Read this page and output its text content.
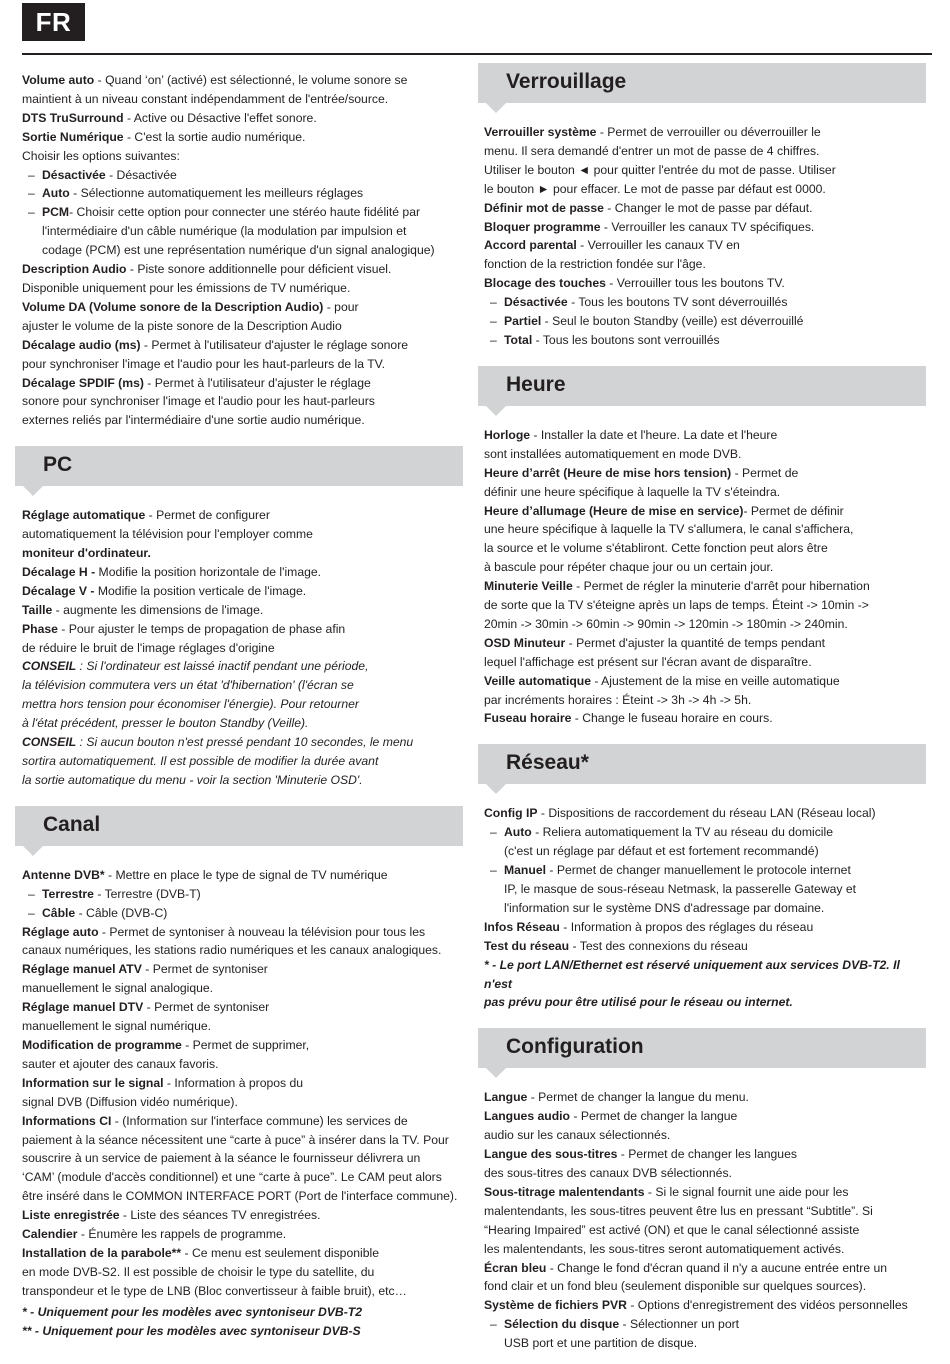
FR

Volume auto - Quand ‘on’ (activé) est sélectionné, le volume sonore se

maintient à un niveau constant indépendamment de l'entrée/source.

DTS TruSurround - Active ou Désactive l'effet sonore.

Sortie Numérique - C'est la sortie audio numérique.

Choisir les options suivantes:

– Désactivée - Désactivée

– Auto - Sélectionne automatiquement les meilleurs réglages

– PCM- Choisir cette option pour connecter une stéréo haute fidélité par

l'intermédiaire d'un câble numérique (la modulation par impulsion et

codage (PCM) est une représentation numérique d'un signal analogique)

Description Audio - Piste sonore additionnelle pour déficient visuel.

Disponible uniquement pour les émissions de TV numérique.

Volume DA (Volume sonore de la Description Audio) - pour

ajuster le volume de la piste sonore de la Description Audio

Décalage audio (ms) - Permet à l'utilisateur d'ajuster le réglage sonore

pour synchroniser l'image et l'audio pour les haut-parleurs de la TV.

Décalage SPDIF (ms) - Permet à l'utilisateur d'ajuster le réglage

sonore pour synchroniser l'image et l'audio pour les haut-parleurs

externes reliés par l'intermédiaire d'une sortie audio numérique.

PC

Réglage automatique - Permet de configurer

automatiquement la télévision pour l'employer comme

moniteur d'ordinateur.

Décalage H - Modifie la position horizontale de l'image.

Décalage V - Modifie la position verticale de l'image.

Taille - augmente les dimensions de l'image.

Phase - Pour ajuster le temps de propagation de phase afin

de réduire le bruit de l'image réglages d'origine

CONSEIL : Si l'ordinateur est laissé inactif pendant une période,

la télévision commutera vers un état 'd'hibernation' (l'écran se

mettra hors tension pour économiser l'énergie). Pour retourner

à l'état précédent, presser le bouton Standby (Veille).

CONSEIL : Si aucun bouton n'est pressé pendant 10 secondes, le menu

sortira automatiquement. Il est possible de modifier la durée avant

la sortie automatique du menu - voir la section 'Minuterie OSD'.

Canal

Antenne DVB* - Mettre en place le type de signal de TV numérique

– Terrestre - Terrestre (DVB-T)

– Câble - Câble (DVB-C)

Réglage auto - Permet de syntoniser à nouveau la télévision pour tous les

canaux numériques, les stations radio numériques et les canaux analogiques.

Réglage manuel ATV - Permet de syntoniser

manuellement le signal analogique.

Réglage manuel DTV - Permet de syntoniser

manuellement le signal numérique.

Modification de programme - Permet de supprimer,

sauter et ajouter des canaux favoris.

Information sur le signal - Information à propos du

signal DVB (Diffusion vidéo numérique).

Informations CI - (Information sur l'interface commune) les services de

paiement à la séance nécessitent une “carte à puce” à insérer dans la TV. Pour

souscrire à un service de paiement à la séance le fournisseur délivrera un

‘CAM’ (module d'accès conditionnel) et une “carte à puce”. Le CAM peut alors

être inséré dans le COMMON INTERFACE PORT (Port de l'interface commune).

Liste enregistrée - Liste des séances TV enregistrées.

Calendier - Énumère les rappels de programme.

Installation de la parabole** - Ce menu est seulement disponible

en mode DVB-S2. Il est possible de choisir le type du satellite, du

transpondeur et le type de LNB (Bloc convertisseur à faible bruit), etc…

* - Uniquement pour les modèles avec syntoniseur DVB-T2

** - Uniquement pour les modèles avec syntoniseur DVB-S

Verrouillage

Verrouiller système - Permet de verrouiller ou déverrouiller le

menu. Il sera demandé d'entrer un mot de passe de 4 chiffres.

Utiliser le bouton ◄ pour quitter l'entrée du mot de passe. Utiliser

le bouton ► pour effacer. Le mot de passe par défaut est 0000.

Définir mot de passe - Changer le mot de passe par défaut.

Bloquer programme - Verrouiller les canaux TV spécifiques.

Accord parental - Verrouiller les canaux TV en

fonction de la restriction fondée sur l'âge.

Blocage des touches - Verrouiller tous les boutons TV.

– Désactivée - Tous les boutons TV sont déverrouillés

– Partiel - Seul le bouton Standby (veille) est déverrouillé

– Total - Tous les boutons sont verrouillés

Heure

Horloge - Installer la date et l'heure. La date et l'heure

sont installées automatiquement en mode DVB.

Heure d’arrêt (Heure de mise hors tension) - Permet de

définir une heure spécifique à laquelle la TV s'éteindra.

Heure d’allumage (Heure de mise en service)- Permet de définir

une heure spécifique à laquelle la TV s'allumera, le canal s'affichera,

la source et le volume s'établiront. Cette fonction peut alors être

à bascule pour répéter chaque jour ou un certain jour.

Minuterie Veille - Permet de régler la minuterie d'arrêt pour hibernation

de sorte que la TV s'éteigne après un laps de temps. Éteint -> 10min ->

20min -> 30min -> 60min -> 90min -> 120min -> 180min -> 240min.

OSD Minuteur - Permet d'ajuster la quantité de temps pendant

lequel l'affichage est présent sur l'écran avant de disparaître.

Veille automatique - Ajustement de la mise en veille automatique

par incréments horaires : Éteint -> 3h -> 4h -> 5h.

Fuseau horaire - Change le fuseau horaire en cours.

Réseau*

Config IP - Dispositions de raccordement du réseau LAN (Réseau local)

– Auto - Reliera automatiquement la TV au réseau du domicile

(c'est un réglage par défaut et est fortement recommandé)

– Manuel - Permet de changer manuellement le protocole internet

IP, le masque de sous-réseau Netmask, la passerelle Gateway et

l'information sur le système DNS d'adressage par domaine.

Infos Réseau - Information à propos des réglages du réseau

Test du réseau - Test des connexions du réseau

* - Le port LAN/Ethernet est réservé uniquement aux services DVB-T2. Il n'est

pas prévu pour être utilisé pour le réseau ou internet.

Configuration

Langue - Permet de changer la langue du menu.

Langues audio - Permet de changer la langue

audio sur les canaux sélectionnés.

Langue des sous-titres - Permet de changer les langues

des sous-titres des canaux DVB sélectionnés.

Sous-titrage malentendants - Si le signal fournit une aide pour les

malentendants, les sous-titres peuvent être lus en pressant “Subtitle”. Si

“Hearing Impaired” est activé (ON) et que le canal sélectionné assiste

les malentendants, les sous-titres seront automatiquement activés.

Écran bleu - Change le fond d'écran quand il n'y a aucune entrée entre un

fond clair et un fond bleu (seulement disponible sur quelques sources).

Système de fichiers PVR - Options d'enregistrement des vidéos personnelles

– Sélection du disque - Sélectionner un port

USB port et une partition de disque.
